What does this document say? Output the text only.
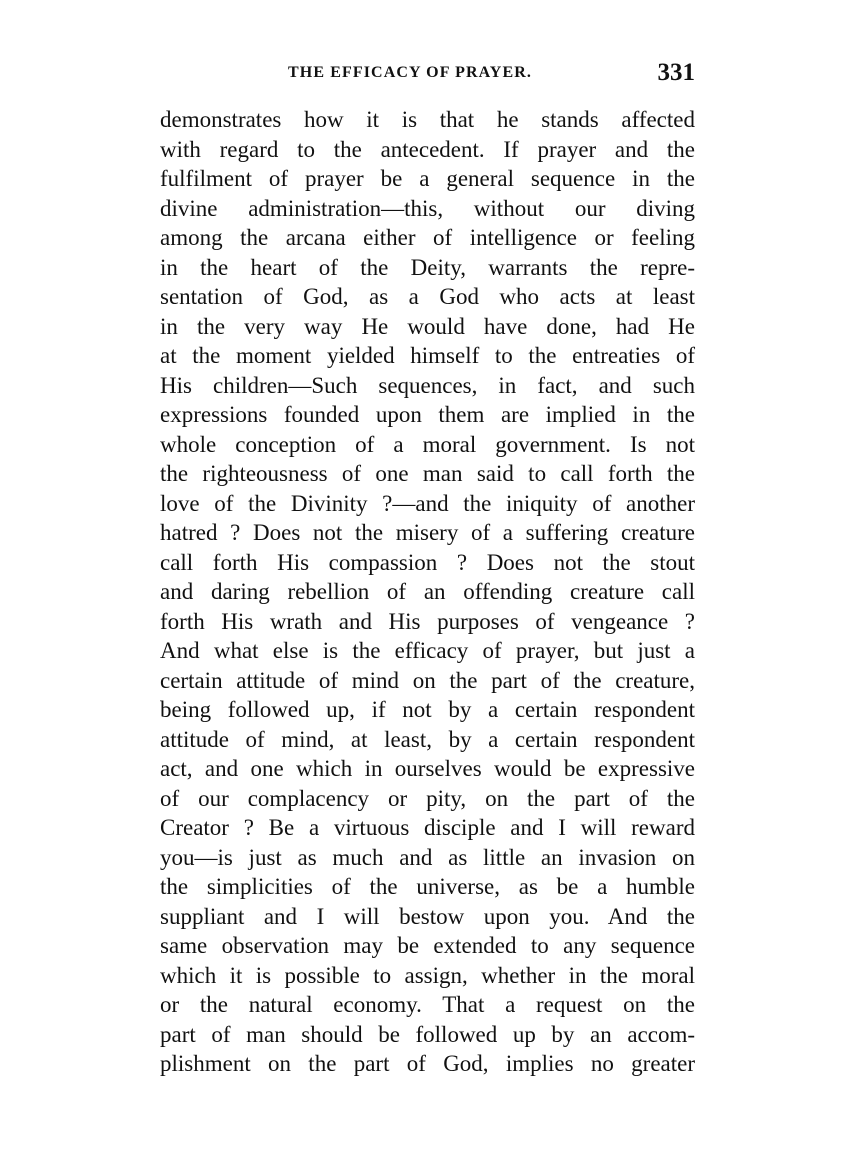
THE EFFICACY OF PRAYER.	331
demonstrates how it is that he stands affected
with regard to the antecedent. If prayer and the
fulfilment of prayer be a general sequence in the
divine administration—this, without our diving
among the arcana either of intelligence or feeling
in the heart of the Deity, warrants the repre-
sentation of God, as a God who acts at least
in the very way He would have done, had He
at the moment yielded himself to the entreaties of
His children—Such sequences, in fact, and such
expressions founded upon them are implied in the
whole conception of a moral government. Is not
the righteousness of one man said to call forth the
love of the Divinity ?—and the iniquity of another
hatred ? Does not the misery of a suffering creature
call forth His compassion ? Does not the stout
and daring rebellion of an offending creature call
forth His wrath and His purposes of vengeance ?
And what else is the efficacy of prayer, but just a
certain attitude of mind on the part of the creature,
being followed up, if not by a certain respondent
attitude of mind, at least, by a certain respondent
act, and one which in ourselves would be expressive
of our complacency or pity, on the part of the
Creator ? Be a virtuous disciple and I will reward
you—is just as much and as little an invasion on
the simplicities of the universe, as be a humble
suppliant and I will bestow upon you. And the
same observation may be extended to any sequence
which it is possible to assign, whether in the moral
or the natural economy. That a request on the
part of man should be followed up by an accom-
plishment on the part of God, implies no greater
